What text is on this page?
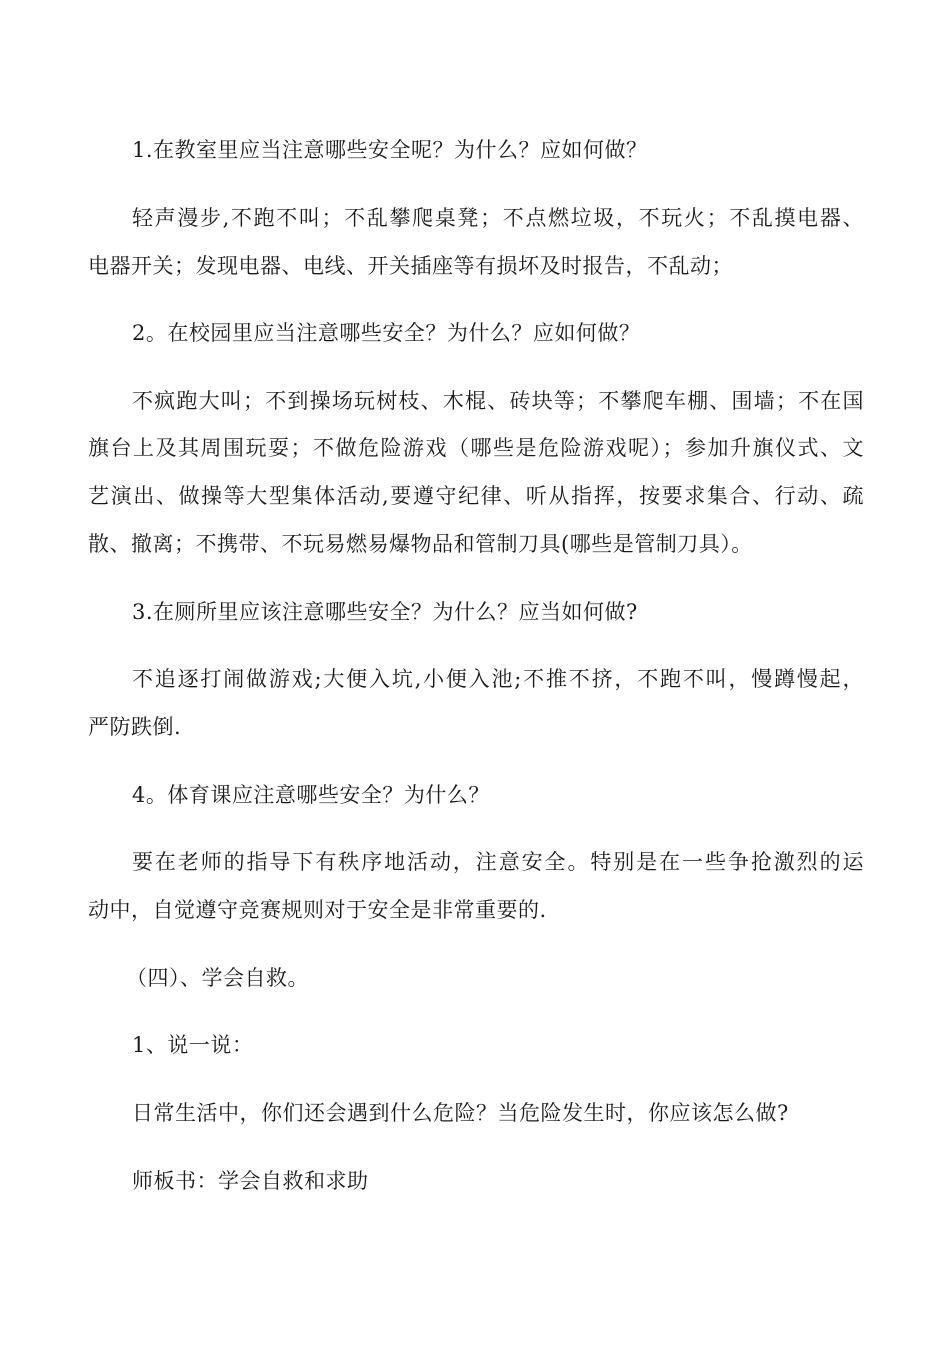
1.在教室里应当注意哪些安全呢？为什么？应如何做？
轻声漫步,不跑不叫；不乱攀爬桌凳；不点燃垃圾，不玩火；不乱摸电器、
电器开关；发现电器、电线、开关插座等有损坏及时报告，不乱动；
2。在校园里应当注意哪些安全？为什么？应如何做？
不疯跑大叫；不到操场玩树枝、木棍、砖块等；不攀爬车棚、围墙；不在国
旗台上及其周围玩耍；不做危险游戏（哪些是危险游戏呢）；参加升旗仪式、文
艺演出、做操等大型集体活动,要遵守纪律、听从指挥，按要求集合、行动、疏
散、撤离；不携带、不玩易燃易爆物品和管制刀具(哪些是管制刀具）。
3.在厕所里应该注意哪些安全？为什么？应当如何做?
不追逐打闹做游戏;大便入坑,小便入池;不推不挤，不跑不叫，慢蹲慢起，
严防跌倒.
4。体育课应注意哪些安全？为什么？
要在老师的指导下有秩序地活动，注意安全。特别是在一些争抢激烈的运
动中，自觉遵守竞赛规则对于安全是非常重要的.
（四）、学会自救。
1、说一说：
日常生活中，你们还会遇到什么危险？当危险发生时，你应该怎么做?
师板书：学会自救和求助
